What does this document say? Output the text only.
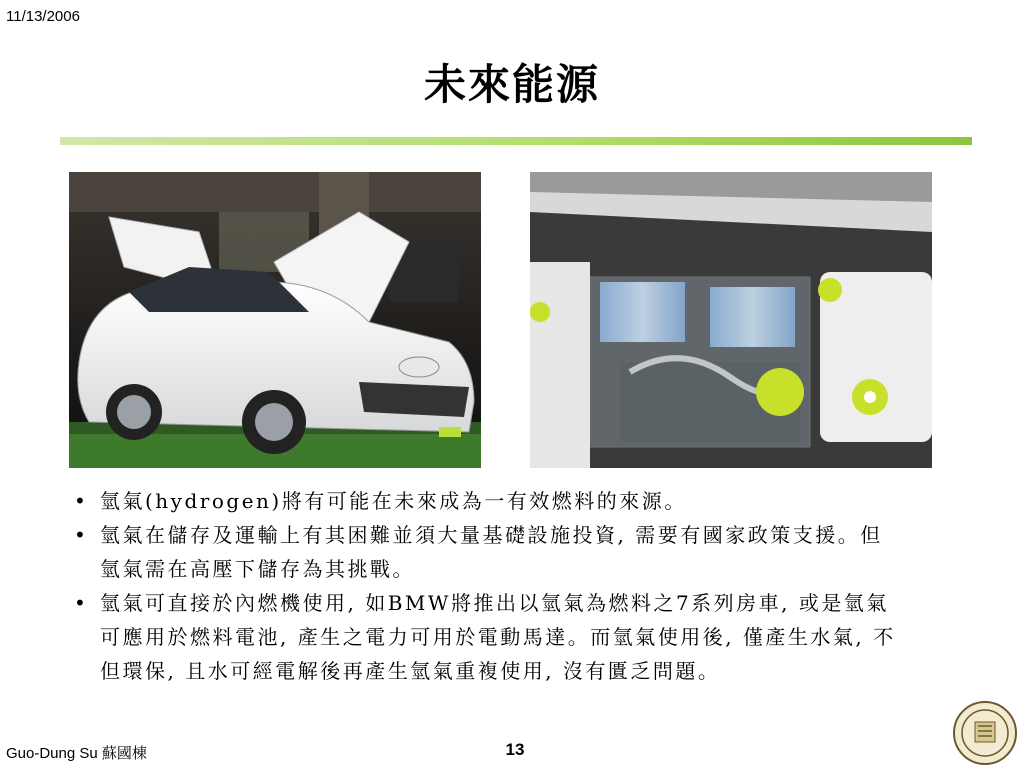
11/13/2006
未來能源
• 氫氣(hydrogen)將有可能在未來成為一有效燃料的來源。
• 氫氣在儲存及運輸上有其困難並須大量基礎設施投資, 需要有國家政策支援。但氫氣需在高壓下儲存為其挑戰。
• 氫氣可直接於內燃機使用, 如BMW將推出以氫氣為燃料之7系列房車, 或是氫氣可應用於燃料電池, 產生之電力可用於電動馬達。而氫氣使用後, 僅產生水氣, 不但環保, 且水可經電解後再產生氫氣重複使用, 沒有匱乏問題。
Guo-Dung Su 蘇國棟	13
